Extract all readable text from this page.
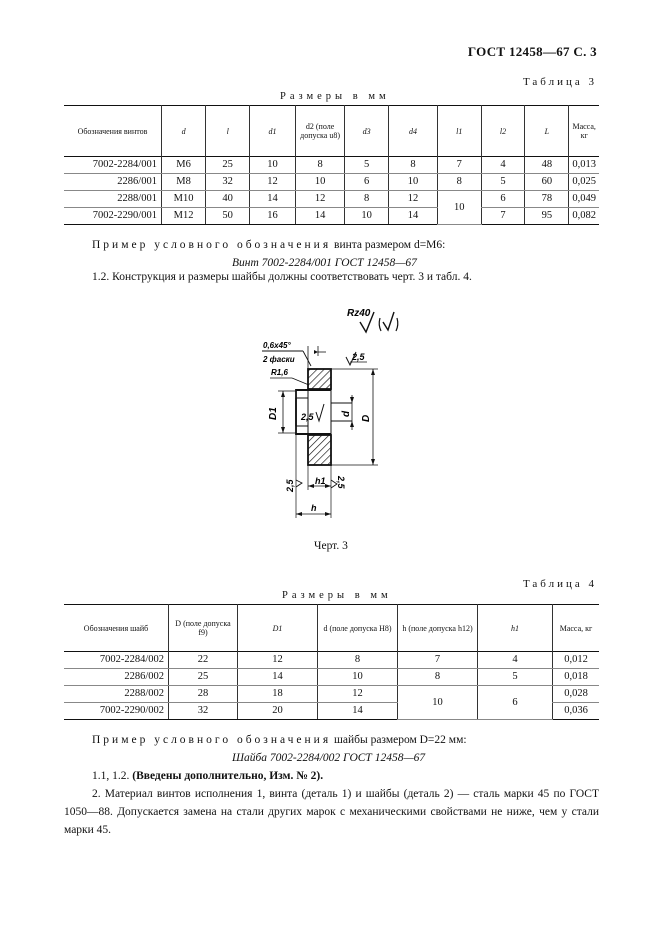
ГОСТ 12458—67 С. 3
Таблица 3
Размеры в мм
Обозначения винтов	d	l	d1	d2 (поле допуска u8)	d3	d4	l1	l2	L	Масса, кг
7002-2284/001	M6	25	10	8	5	8	7	4	48	0,013
2286/001	M8	32	12	10	6	10	8	5	60	0,025
2288/001	M10	40	14	12	8	12	10	6	78	0,049
7002-2290/001	M12	50	16	14	10	14		7	95	0,082
Пример условного обозначения винта размером d=M6:
Винт 7002-2284/001 ГОСТ 12458—67
1.2. Конструкция и размеры шайбы должны соответствовать черт. 3 и табл. 4.
Rz40
0,6х45°
2 фаски
R1,6
2,5
D1	d
D
2,5
h1
h
2,5	2,5
Черт. 3
Таблица 4
Размеры в мм
Обозначения шайб	D (поле допуска f9)	D1	d (поле допуска H8)	h (поле допуска h12)	h1	Масса, кг
7002-2284/002	22	12	8	7	4	0,012
2286/002	25	14	10	8	5	0,018
2288/002	28	18	12	10	6	0,028
7002-2290/002	32	20	14			0,036
Пример условного обозначения шайбы размером D=22 мм:
Шайба 7002-2284/002 ГОСТ 12458—67
1.1, 1.2. (Введены дополнительно, Изм. № 2).
2. Материал винтов исполнения 1, винта (деталь 1) и шайбы (деталь 2) — сталь марки 45 по ГОСТ 1050—88. Допускается замена на стали других марок с механическими свойствами не ниже, чем у стали марки 45.
